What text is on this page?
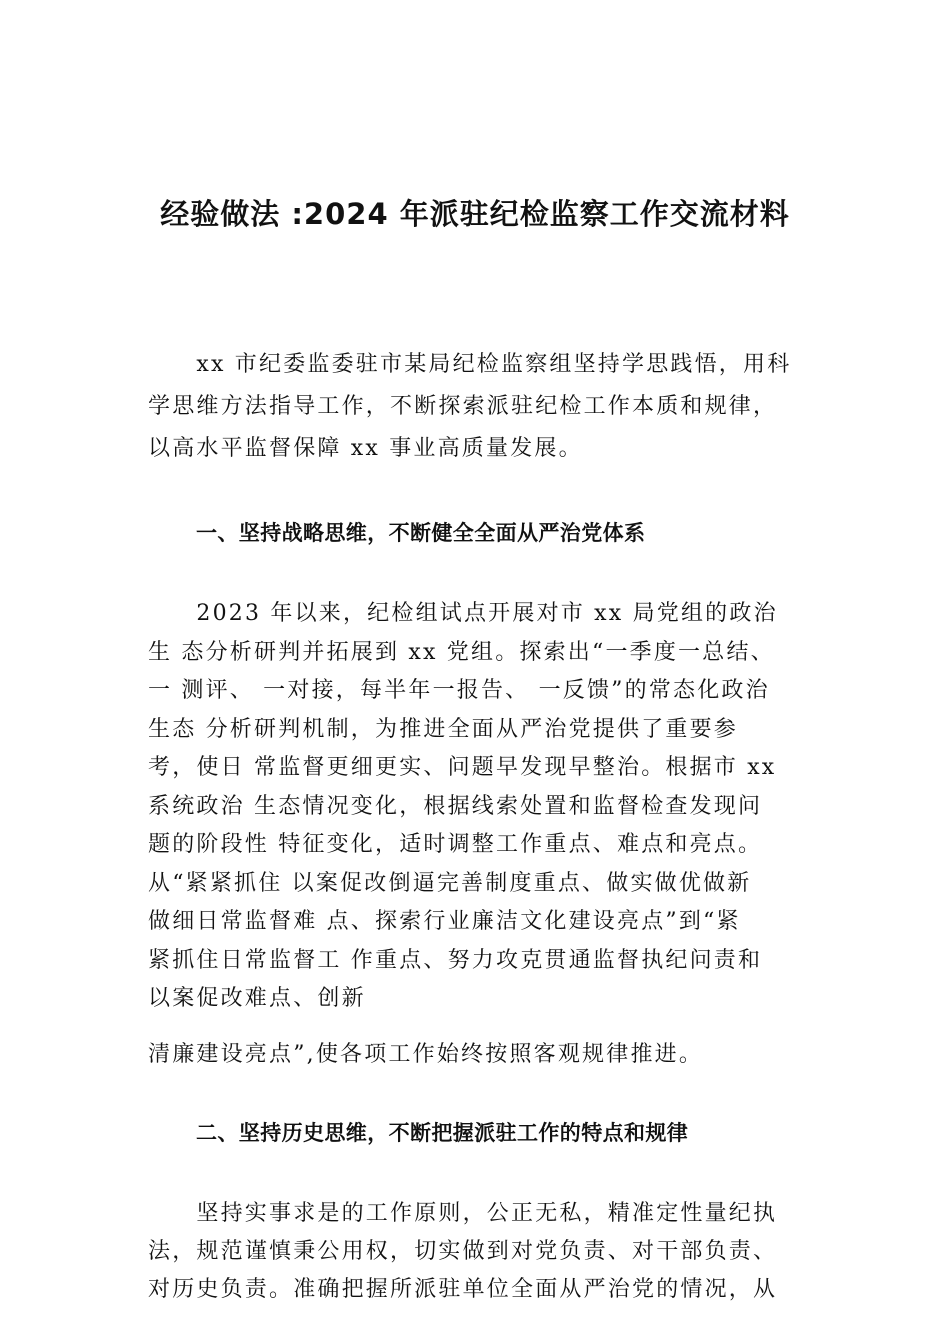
经验做法 :2024 年派驻纪检监察工作交流材料
　　xx 市纪委监委驻市某局纪检监察组坚持学思践悟，用科
学思维方法指导工作，不断探索派驻纪检工作本质和规律，
以高水平监督保障 xx 事业高质量发展。
一、坚持战略思维，不断健全全面从严治党体系
　　2023 年以来，纪检组试点开展对市 xx 局党组的政治
生 态分析研判并拓展到 xx 党组。探索出“一季度一总结、
一 测评、 一对接，每半年一报告、 一反馈”的常态化政治
生态 分析研判机制，为推进全面从严治党提供了重要参
考，使日 常监督更细更实、问题早发现早整治。根据市 xx
系统政治 生态情况变化，根据线索处置和监督检查发现问
题的阶段性 特征变化，适时调整工作重点、难点和亮点。
从“紧紧抓住 以案促改倒逼完善制度重点、做实做优做新
做细日常监督难 点、探索行业廉洁文化建设亮点”到“紧
紧抓住日常监督工 作重点、努力攻克贯通监督执纪问责和
以案促改难点、创新
清廉建设亮点”,使各项工作始终按照客观规律推进。
二、坚持历史思维，不断把握派驻工作的特点和规律
　　坚持实事求是的工作原则，公正无私，精准定性量纪执
法，规范谨慎秉公用权，切实做到对党负责、对干部负责、
对历史负责。准确把握所派驻单位全面从严治党的情况，从
